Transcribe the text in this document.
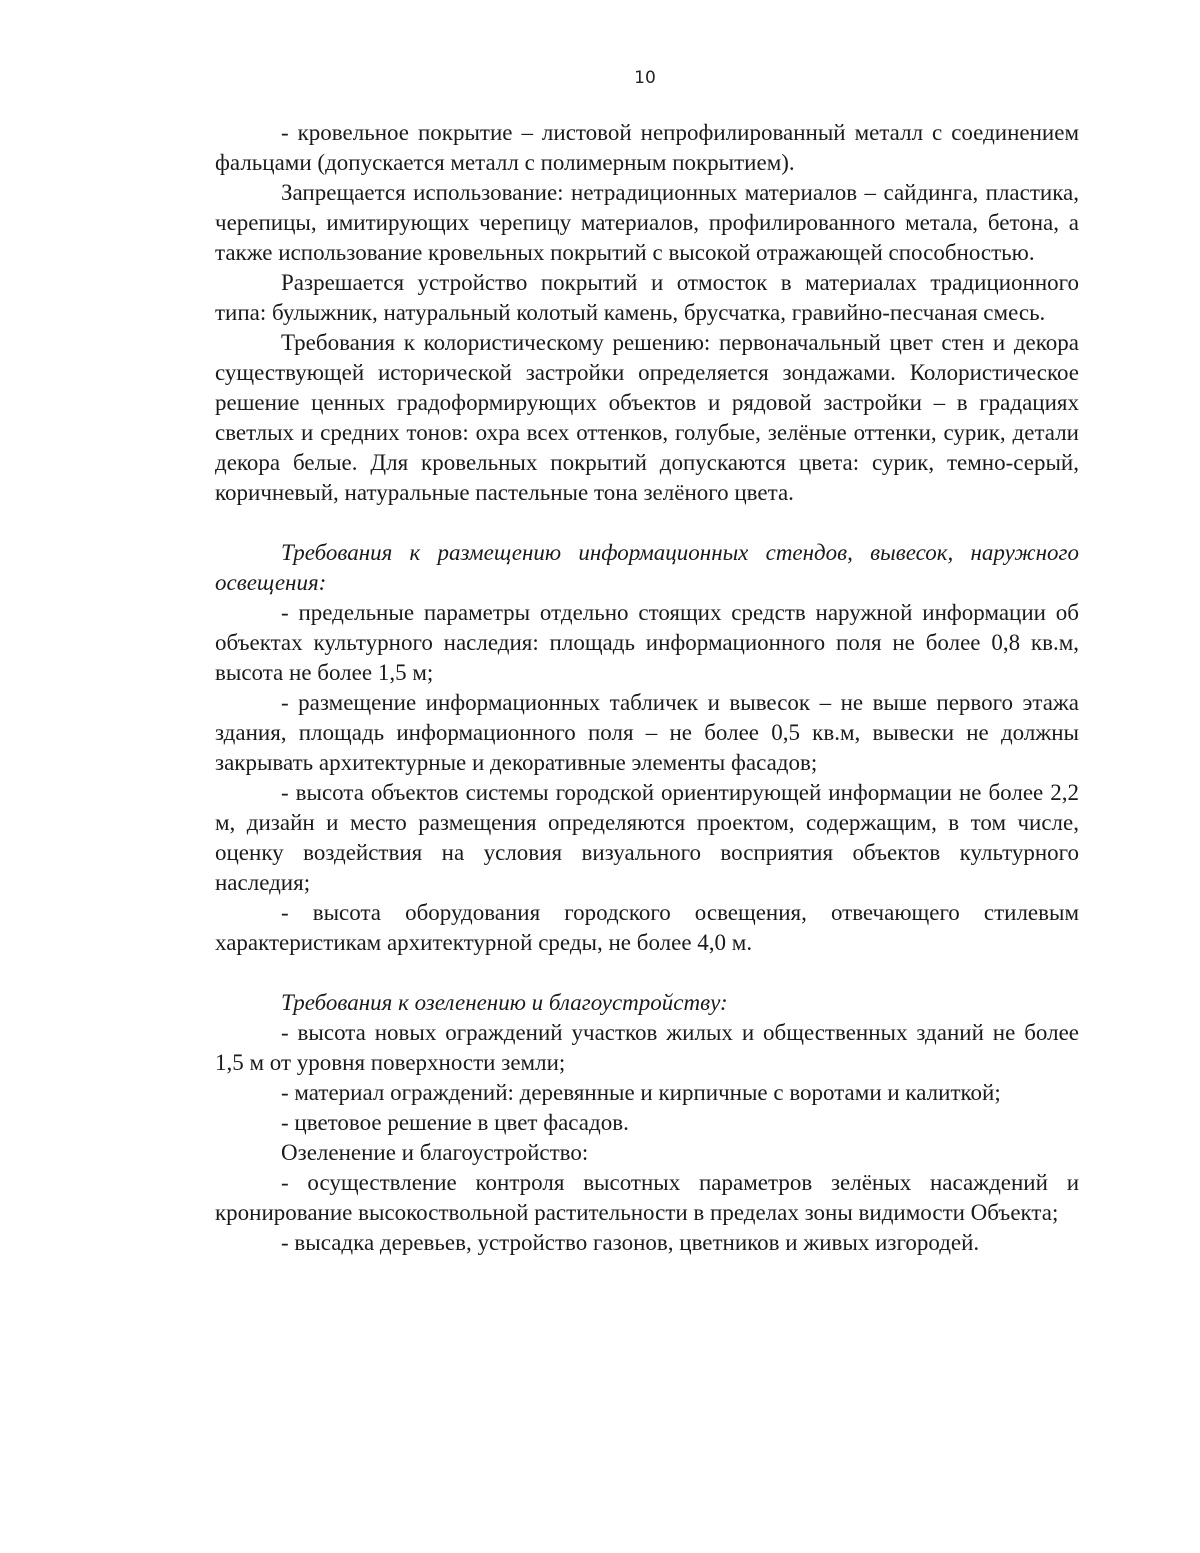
10

- кровельное покрытие – листовой непрофилированный металл с соединением фальцами (допускается металл с полимерным покрытием).

Запрещается использование: нетрадиционных материалов – сайдинга, пластика, черепицы, имитирующих черепицу материалов, профилированного метала, бетона, а также использование кровельных покрытий с высокой отражающей способностью.

Разрешается устройство покрытий и отмосток в материалах традиционного типа: булыжник, натуральный колотый камень, брусчатка, гравийно-песчаная смесь.

Требования к колористическому решению: первоначальный цвет стен и декора существующей исторической застройки определяется зондажами. Колористическое решение ценных градоформирующих объектов и рядовой застройки – в градациях светлых и средних тонов: охра всех оттенков, голубые, зелёные оттенки, сурик, детали декора белые. Для кровельных покрытий допускаются цвета: сурик, темно-серый, коричневый, натуральные пастельные тона зелёного цвета.

Требования к размещению информационных стендов, вывесок, наружного освещения:

- предельные параметры отдельно стоящих средств наружной информации об объектах культурного наследия: площадь информационного поля не более 0,8 кв.м, высота не более 1,5 м;

- размещение информационных табличек и вывесок – не выше первого этажа здания, площадь информационного поля – не более 0,5 кв.м, вывески не должны закрывать архитектурные и декоративные элементы фасадов;

- высота объектов системы городской ориентирующей информации не более 2,2 м, дизайн и место размещения определяются проектом, содержащим, в том числе, оценку воздействия на условия визуального восприятия объектов культурного наследия;

- высота оборудования городского освещения, отвечающего стилевым характеристикам архитектурной среды, не более 4,0 м.

Требования к озеленению и благоустройству:

- высота новых ограждений участков жилых и общественных зданий не более 1,5 м от уровня поверхности земли;

- материал ограждений: деревянные и кирпичные с воротами и калиткой;

- цветовое решение в цвет фасадов.

Озеленение и благоустройство:

- осуществление контроля высотных параметров зелёных насаждений и кронирование высокоствольной растительности в пределах зоны видимости Объекта;

- высадка деревьев, устройство газонов, цветников и живых изгородей.
